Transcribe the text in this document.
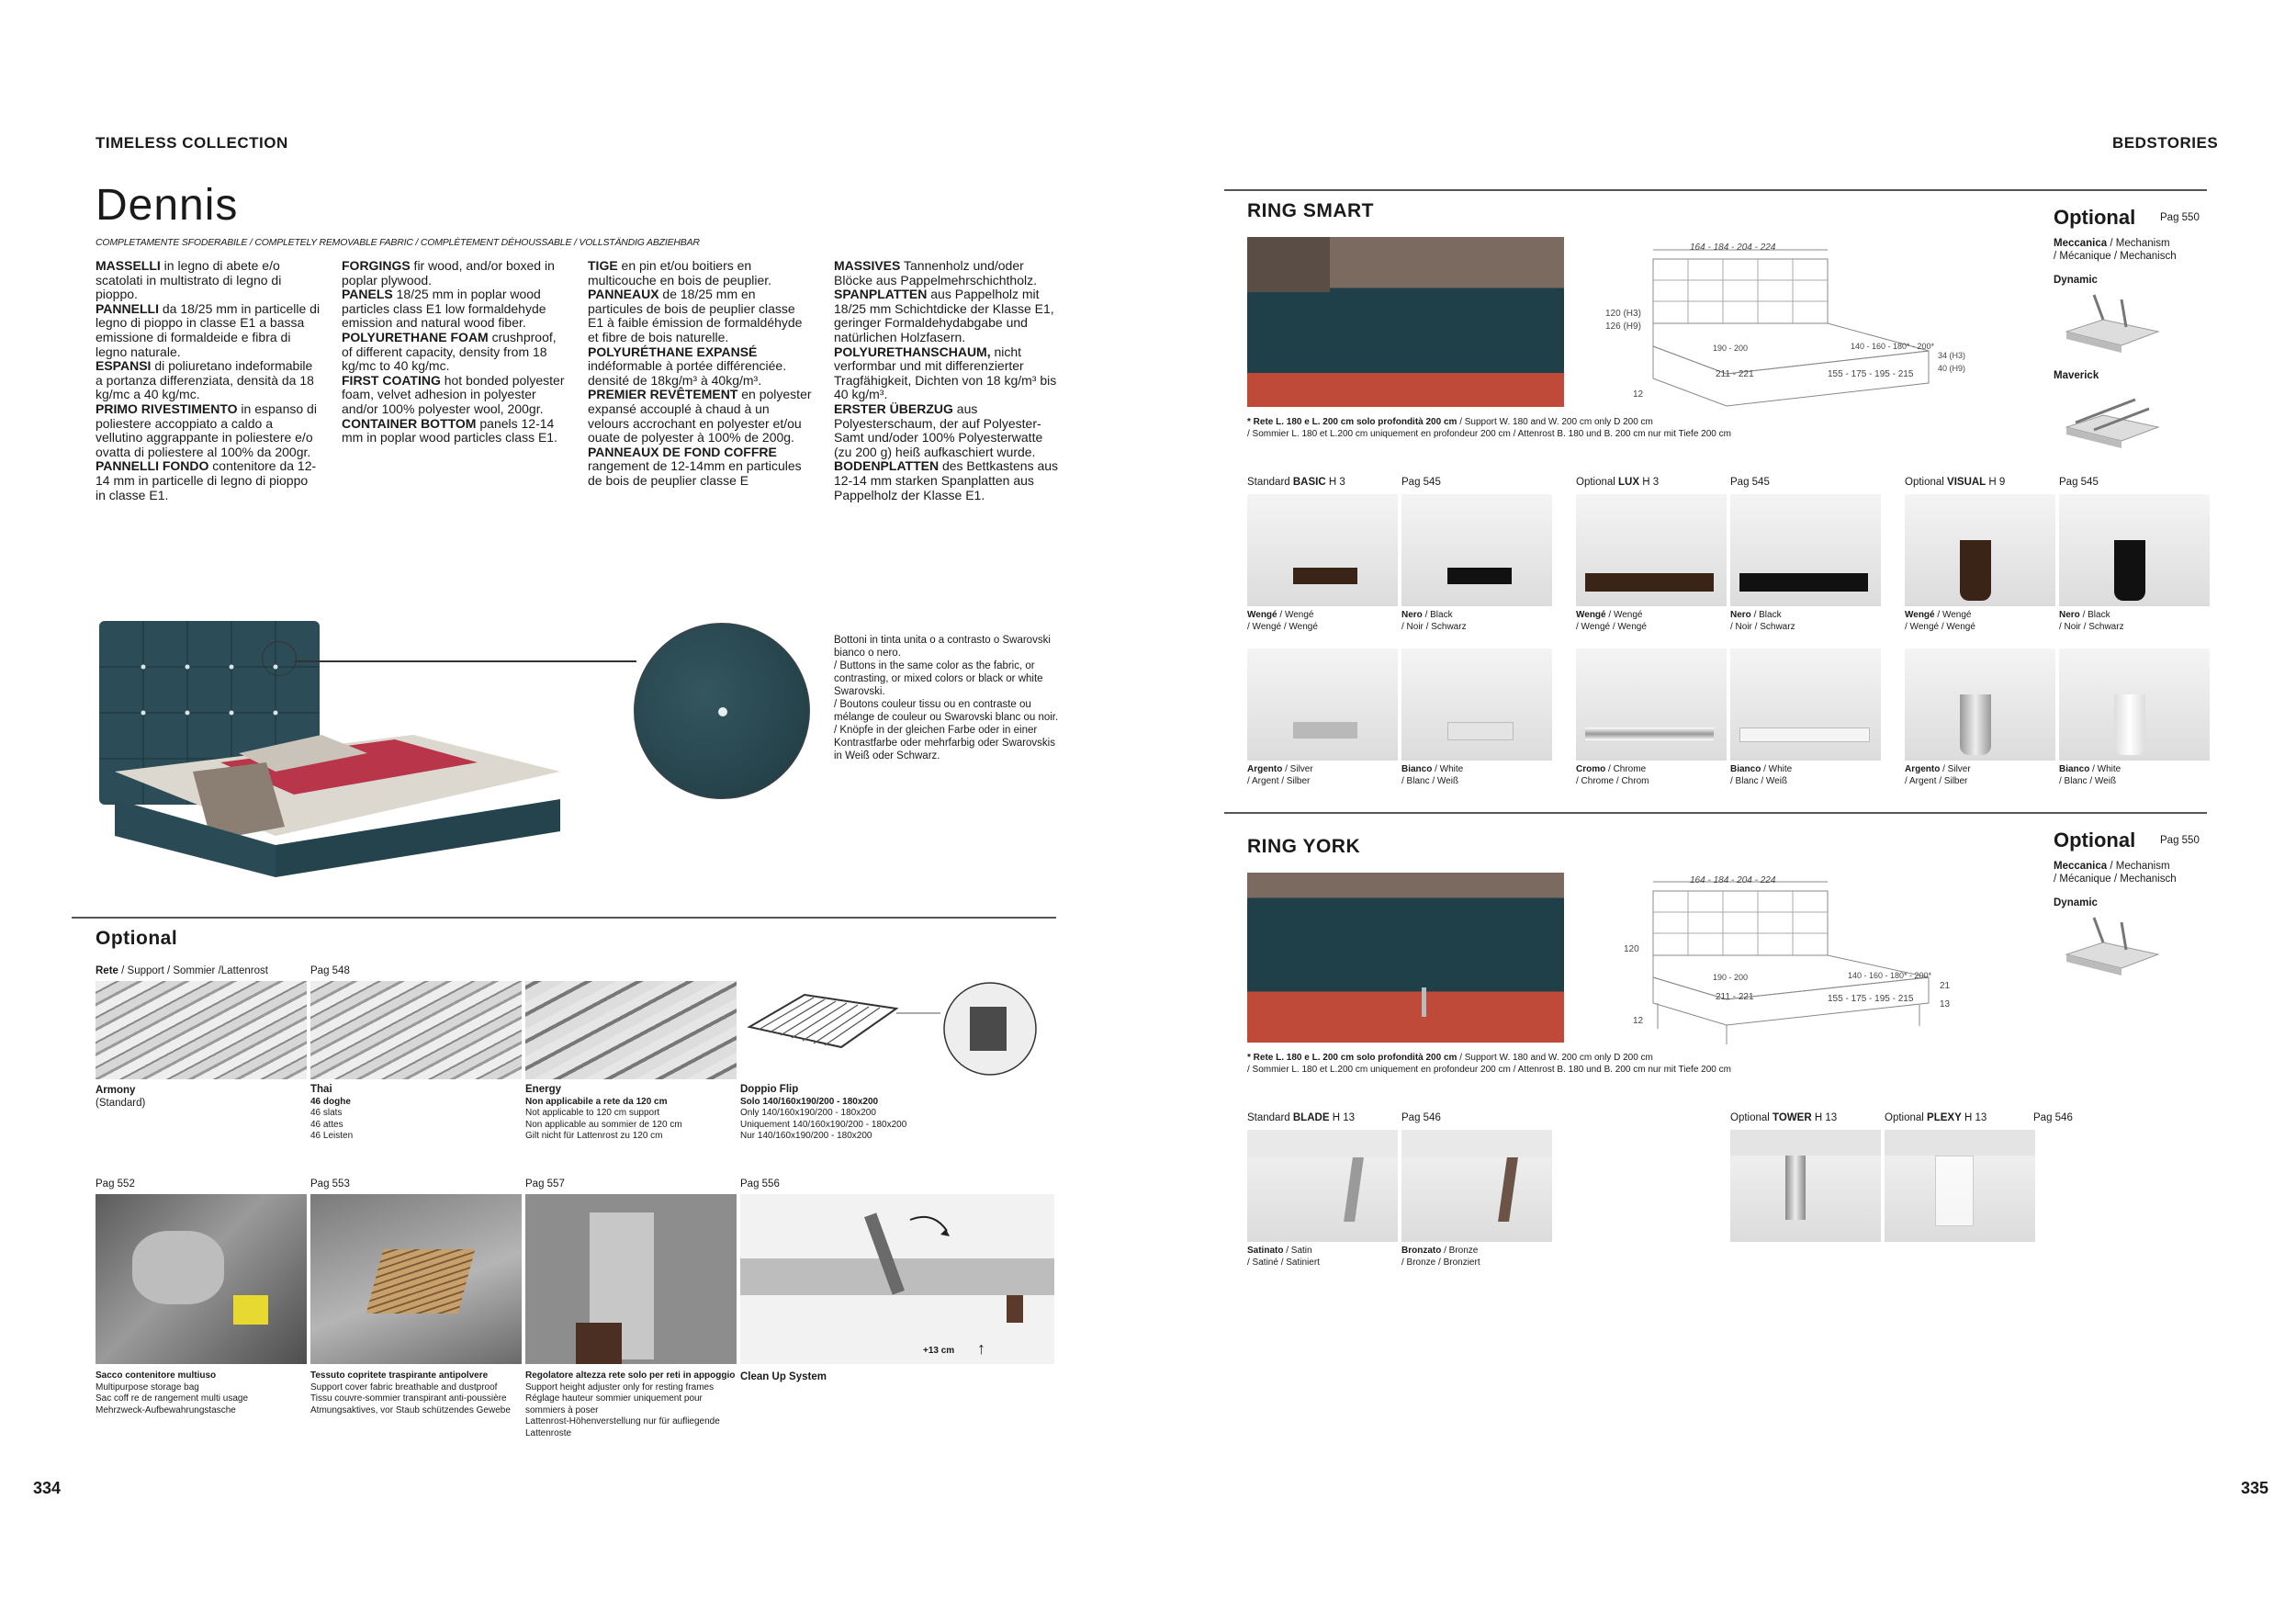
TIMELESS COLLECTION
Dennis
COMPLETAMENTE SFODERABILE / COMPLETELY REMOVABLE FABRIC / COMPLÈTEMENT DÉHOUSSABLE / VOLLSTÄNDIG ABZIEHBAR

MASSELLI in legno di abete e/o scatolati in multistrato di legno di pioppo.

PANNELLI da 18/25 mm in particelle di legno di pioppo in classe E1 a bassa emissione di formaldeide e fibra di legno naturale.

ESPANSI di poliuretano indeformabile a portanza differenziata, densità da 18 kg/mc a 40 kg/mc.

PRIMO RIVESTIMENTO in espanso di poliestere accoppiato a caldo a vellutino aggrappante in poliestere e/o ovatta di poliestere al 100% da 200gr.

PANNELLI FONDO contenitore da 12-14 mm in particelle di legno di pioppo in classe E1.

FORGINGS fir wood, and/or boxed in poplar plywood.

PANELS 18/25 mm in poplar wood particles class E1 low formaldehyde emission and natural wood fiber.

POLYURETHANE FOAM crushproof, of different capacity, density from 18 kg/mc to 40 kg/mc.

FIRST COATING hot bonded polyester foam, velvet adhesion in polyester and/or 100% polyester wool, 200gr.

CONTAINER BOTTOM panels 12-14 mm in poplar wood particles class E1.

TIGE en pin et/ou boitiers en multicouche en bois de peuplier.

PANNEAUX de 18/25 mm en particules de bois de peuplier classe E1 à faible émission de formaldéhyde et fibre de bois naturelle.

POLYURÉTHANE EXPANSÉ indéformable à portée différenciée. densité de 18kg/m³ à 40kg/m³.

PREMIER REVÊTEMENT en polyester expansé accouplé à chaud à un velours accrochant en polyester et/ou ouate de polyester à 100% de 200g.

PANNEAUX DE FOND COFFRE rangement de 12-14mm en particules de bois de peuplier classe E

MASSIVES Tannenholz und/oder Blöcke aus Pappelmehrschichtholz.

SPANPLATTEN aus Pappelholz mit 18/25 mm Schichtdicke der Klasse E1, geringer Formaldehydabgabe und natürlichen Holzfasern.

POLYURETHANSCHAUM, nicht verformbar und mit differenzierter Tragfähigkeit, Dichten von 18 kg/m³ bis 40 kg/m³.

ERSTER ÜBERZUG aus Polyesterschaum, der auf Polyester-Samt und/oder 100% Polyesterwatte (zu 200 g) heiß aufkaschiert wurde.

BODENPLATTEN des Bettkastens aus 12-14 mm starken Spanplatten aus Pappelholz der Klasse E1.

Bottoni in tinta unita o a contrasto o Swarovski bianco o nero.
/ Buttons in the same color as the fabric, or contrasting, or mixed colors or black or white Swarovski.
/ Boutons couleur tissu ou en contraste ou mélange de couleur ou Swarovski blanc ou noir.
/ Knöpfe in der gleichen Farbe oder in einer Kontrastfarbe oder mehrfarbig oder Swarovskis in Weiß oder Schwarz.
Optional
Rete / Support / Sommier /Lattenrost	Pag 548
Armony
(Standard)
Thai
46 doghe
46 slats
46 attes
46 Leisten
Energy
Non applicabile a rete da 120 cm
Not applicable to 120 cm support
Non applicable au sommier de 120 cm
Gilt nicht für Lattenrost zu 120 cm
Doppio Flip
Solo 140/160x190/200 - 180x200
Only 140/160x190/200 - 180x200
Uniquement 140/160x190/200 - 180x200
Nur 140/160x190/200 - 180x200
Pag 552	Pag 553	Pag 557	Pag 556
+13 cm ↑
Sacco contenitore multiuso
Multipurpose storage bag
Sac coff re de rangement multi usage
Mehrzweck-Aufbewahrungstasche
Tessuto copritete traspirante antipolvere
Support cover fabric breathable and dustproof
Tissu couvre-sommier transpirant anti-poussière
Atmungsaktives, vor Staub schützendes Gewebe
Regolatore altezza rete solo per reti in appoggio
Support height adjuster only for resting frames
Réglage hauteur sommier uniquement pour sommiers à poser
Lattenrost-Höhenverstellung nur für aufliegende Lattenroste
Clean Up System
334
BEDSTORIES
RING SMART
164 - 184 - 204 - 224
120 (H3)
126 (H9)
190 - 200	140 - 160 - 180* - 200*
211 - 221	155 - 175 - 195 - 215
34 (H3)
40 (H9)
12
* Rete L. 180 e L. 200 cm solo profondità 200 cm / Support W. 180 and W. 200 cm only D 200 cm
/ Sommier L. 180 et L.200 cm uniquement en profondeur 200 cm / Attenrost B. 180 und B. 200 cm nur mit Tiefe 200 cm
Optional Pag 550
Meccanica / Mechanism
/ Mécanique / Mechanisch
Dynamic
Maverick
Standard BASIC H 3	Pag 545	Optional LUX H 3	Pag 545	Optional VISUAL H 9	Pag 545
Wengé / Wengé
/ Wengé / Wengé
Nero / Black
/ Noir / Schwarz
Wengé / Wengé
/ Wengé / Wengé
Nero / Black
/ Noir / Schwarz
Wengé / Wengé
/ Wengé / Wengé
Nero / Black
/ Noir / Schwarz
Argento / Silver
/ Argent / Silber
Bianco / White
/ Blanc / Weiß
Cromo / Chrome
/ Chrome / Chrom
Bianco / White
/ Blanc / Weiß
Argento / Silver
/ Argent / Silber
Bianco / White
/ Blanc / Weiß
RING YORK
164 - 184 - 204 - 224
120
190 - 200	140 - 160 - 180* - 200*
211 - 221	155 - 175 - 195 - 215
21
13
12
* Rete L. 180 e L. 200 cm solo profondità 200 cm / Support W. 180 and W. 200 cm only D 200 cm
/ Sommier L. 180 et L.200 cm uniquement en profondeur 200 cm / Attenrost B. 180 und B. 200 cm nur mit Tiefe 200 cm
Optional Pag 550
Meccanica / Mechanism
/ Mécanique / Mechanisch
Dynamic
Standard BLADE H 13	Pag 546	Optional TOWER H 13	Optional PLEXY H 13	Pag 546
Satinato / Satin
/ Satiné / Satiniert
Bronzato / Bronze
/ Bronze / Bronziert
335
